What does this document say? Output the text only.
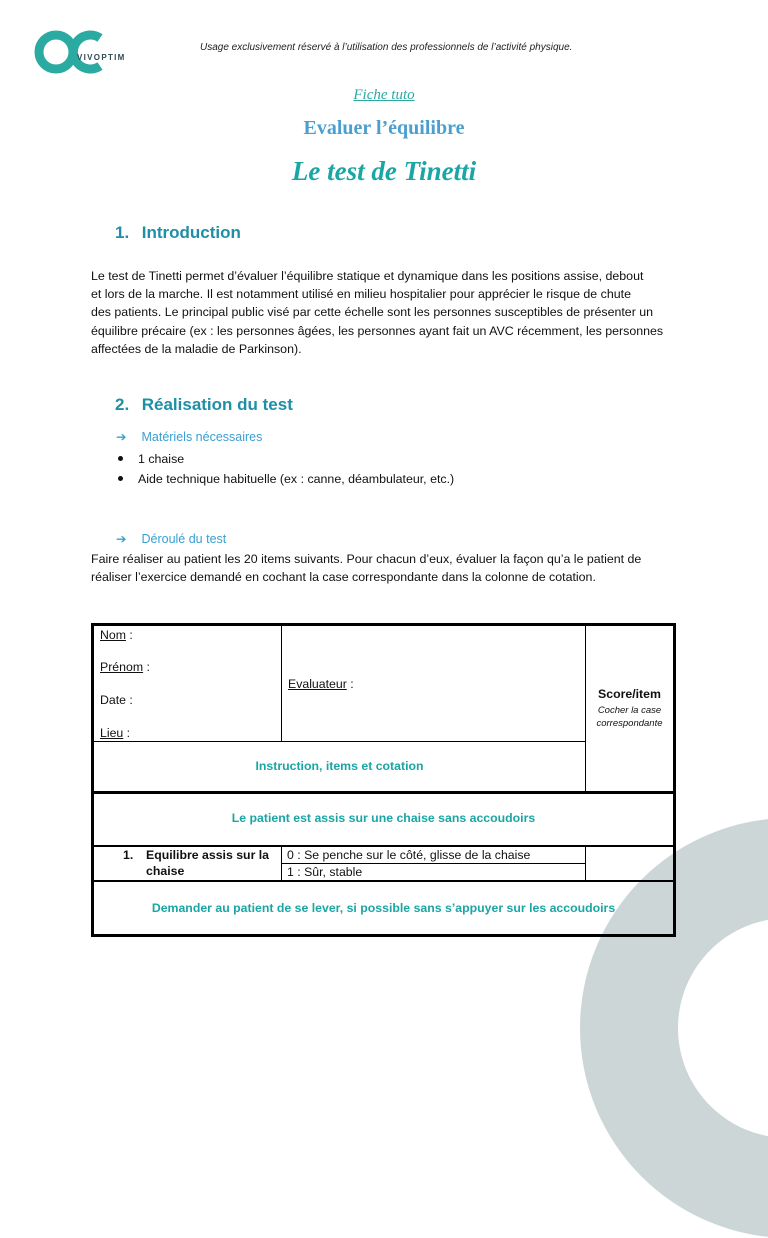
VIVOPTIM
Usage exclusivement réservé à l’utilisation des professionnels de l’activité physique.
Fiche tuto
Evaluer l’équilibre
Le test de Tinetti
1. Introduction
Le test de Tinetti permet d’évaluer l’équilibre statique et dynamique dans les positions assise, debout
et lors de la marche. Il est notamment utilisé en milieu hospitalier pour apprécier le risque de chute
des patients. Le principal public visé par cette échelle sont les personnes susceptibles de présenter un
équilibre précaire (ex : les personnes âgées, les personnes ayant fait un AVC récemment, les personnes
affectées de la maladie de Parkinson).
2. Réalisation du test
➔ Matériels nécessaires
1 chaise
Aide technique habituelle (ex : canne, déambulateur, etc.)
➔ Déroulé du test
Faire réaliser au patient les 20 items suivants. Pour chacun d’eux, évaluer la façon qu’a le patient de
réaliser l’exercice demandé en cochant la case correspondante dans la colonne de cotation.
Nom :
Prénom :
Date :
Lieu :
Evaluateur :
Score/item
Cocher la case
correspondante
Instruction, items et cotation
Le patient est assis sur une chaise sans accoudoirs
1. Equilibre assis sur la
chaise
0 : Se penche sur le côté, glisse de la chaise
1 : Sûr, stable
Demander au patient de se lever, si possible sans s’appuyer sur les accoudoirs
